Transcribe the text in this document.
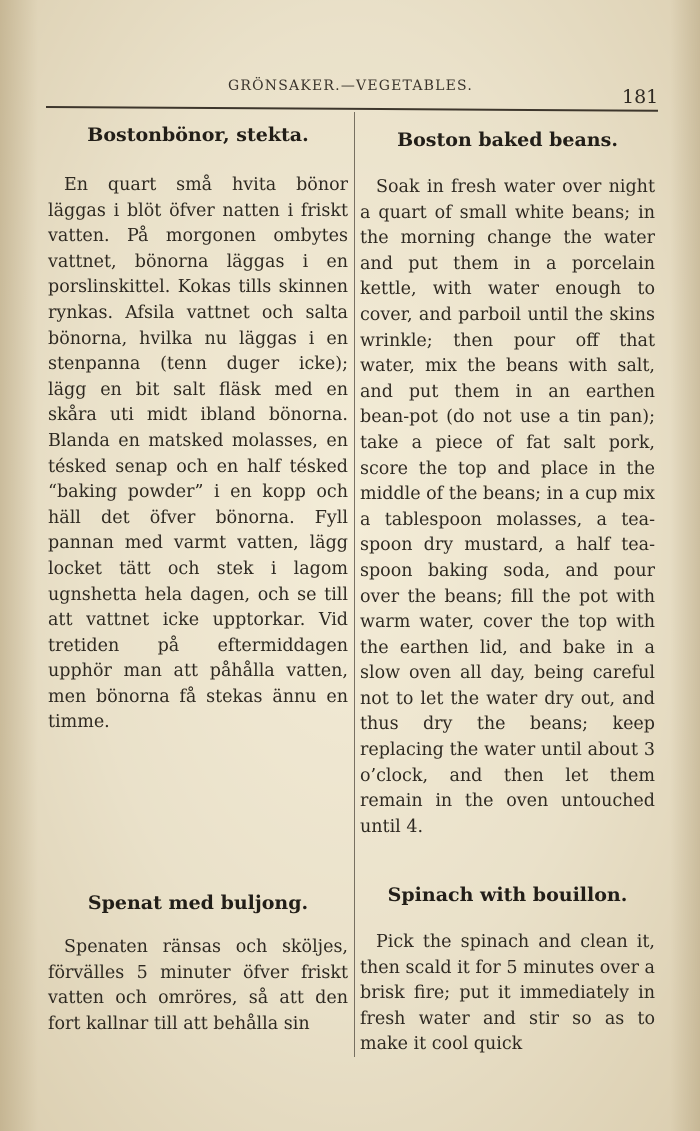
GRÖNSAKER.—VEGETABLES.	181
Bostonbönor, stekta.

En quart små hvita bönor läggas i blöt öfver natten i friskt vatten. På morgonen ombytes vattnet, bönorna läggas i en porslinskittel. Kokas tills skinnen rynkas. Afsila vattnet och salta bönorna, hvilka nu läggas i en stenpanna (tenn duger icke); lägg en bit salt fläsk med en skåra uti midt ibland bönorna. Blanda en matsked molasses, en tésked senap och en half tésked “baking powder” i en kopp och häll det öfver bönorna. Fyll pannan med varmt vatten, lägg locket tätt och stek i lagom ugnshetta hela dagen, och se till att vattnet icke upptorkar. Vid tretiden på eftermiddagen upphör man att påhålla vatten, men bönorna få stekas ännu en timme.

Spenat med buljong.

Spenaten ränsas och sköljes, förvälles 5 minuter öfver friskt vatten och omröres, så att den fort kallnar till att behålla sin

Boston baked beans.

Soak in fresh water over night a quart of small white beans; in the morning change the water and put them in a porcelain kettle, with water enough to cover, and parboil until the skins wrinkle; then pour off that water, mix the beans with salt, and put them in an earthen bean-pot (do not use a tin pan); take a piece of fat salt pork, score the top and place in the middle of the beans; in a cup mix a tablespoon molasses, a tea-spoon dry mustard, a half tea-spoon baking soda, and pour over the beans; fill the pot with warm water, cover the top with the earthen lid, and bake in a slow oven all day, being careful not to let the water dry out, and thus dry the beans; keep replacing the water until about 3 o’clock, and then let them remain in the oven untouched until 4.

Spinach with bouillon.

Pick the spinach and clean it, then scald it for 5 minutes over a brisk fire; put it immediately in fresh water and stir so as to make it cool quick
